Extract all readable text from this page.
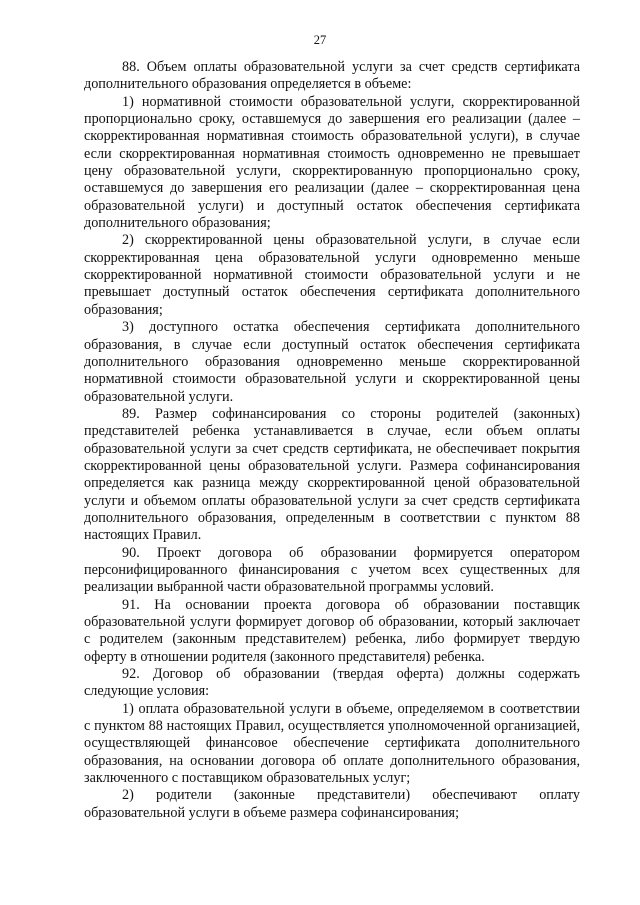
27

88. Объем оплаты образовательной услуги за счет средств сертификата дополнительного образования определяется в объеме:

1) нормативной стоимости образовательной услуги, скорректированной пропорционально сроку, оставшемуся до завершения его реализации (далее – скорректированная нормативная стоимость образовательной услуги), в случае если скорректированная нормативная стоимость одновременно не превышает цену образовательной услуги, скорректированную пропорционально сроку, оставшемуся до завершения его реализации (далее – скорректированная цена образовательной услуги) и доступный остаток обеспечения сертификата дополнительного образования;

2) скорректированной цены образовательной услуги, в случае если скорректированная цена образовательной услуги одновременно меньше скорректированной нормативной стоимости образовательной услуги и не превышает доступный остаток обеспечения сертификата дополнительного образования;

3) доступного остатка обеспечения сертификата дополнительного образования, в случае если доступный остаток обеспечения сертификата дополнительного образования одновременно меньше скорректированной нормативной стоимости образовательной услуги и скорректированной цены образовательной услуги.

89. Размер софинансирования со стороны родителей (законных) представителей ребенка устанавливается в случае, если объем оплаты образовательной услуги за счет средств сертификата, не обеспечивает покрытия скорректированной цены образовательной услуги. Размера софинансирования определяется как разница между скорректированной ценой образовательной услуги и объемом оплаты образовательной услуги за счет средств сертификата дополнительного образования, определенным в соответствии с пунктом 88 настоящих Правил.

90. Проект договора об образовании формируется оператором персонифицированного финансирования с учетом всех существенных для реализации выбранной части образовательной программы условий.

91. На основании проекта договора об образовании поставщик образовательной услуги формирует договор об образовании, который заключает с родителем (законным представителем) ребенка, либо формирует твердую оферту в отношении родителя (законного представителя) ребенка.

92. Договор об образовании (твердая оферта) должны содержать следующие условия:

1) оплата образовательной услуги в объеме, определяемом в соответствии с пунктом 88 настоящих Правил, осуществляется уполномоченной организацией, осуществляющей финансовое обеспечение сертификата дополнительного образования, на основании договора об оплате дополнительного образования, заключенного с поставщиком образовательных услуг;

2) родители (законные представители) обеспечивают оплату образовательной услуги в объеме размера софинансирования;
